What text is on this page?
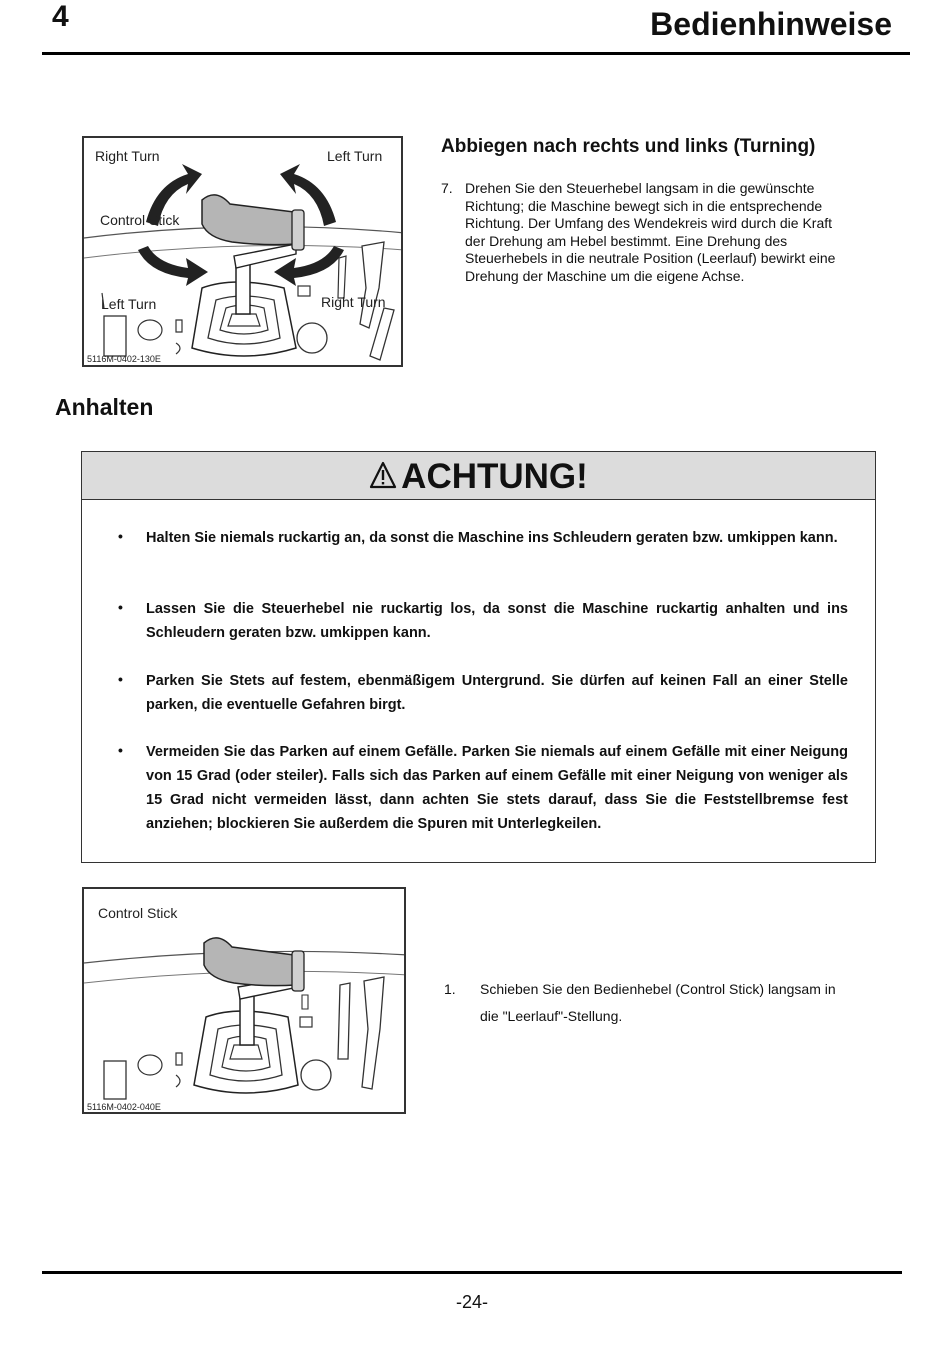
4	Bedienhinweise
Right Turn	Left Turn
Control Stick
Left Turn	Right Turn
5116M-0402-130E
Abbiegen nach rechts und links (Turning)
7. Drehen Sie den Steuerhebel langsam in die gewünschte
Richtung; die Maschine bewegt sich in die entsprechende
Richtung. Der Umfang des Wendekreis wird durch die Kraft
der Drehung am Hebel bestimmt. Eine Drehung des
Steuerhebels in die neutrale Position (Leerlauf) bewirkt eine
Drehung der Maschine um die eigene Achse.
Anhalten
ACHTUNG!
• Halten Sie niemals ruckartig an, da sonst die Maschine ins Schleudern geraten bzw. umkippen kann.
• Lassen Sie die Steuerhebel nie ruckartig los, da sonst die Maschine ruckartig anhalten und ins Schleudern geraten bzw. umkippen kann.
• Parken Sie Stets auf festem, ebenmäßigem Untergrund. Sie dürfen auf keinen Fall an einer Stelle parken, die eventuelle Gefahren birgt.
• Vermeiden Sie das Parken auf einem Gefälle. Parken Sie niemals auf einem Gefälle mit einer Neigung von 15 Grad (oder steiler). Falls sich das Parken auf einem Gefälle mit einer Neigung von weniger als 15 Grad nicht vermeiden lässt, dann achten Sie stets darauf, dass Sie die Feststellbremse fest anziehen; blockieren Sie außerdem die Spuren mit Unterlegkeilen.
Control Stick
5116M-0402-040E
1. Schieben Sie den Bedienhebel (Control Stick) langsam in
die "Leerlauf"-Stellung.
-24-
